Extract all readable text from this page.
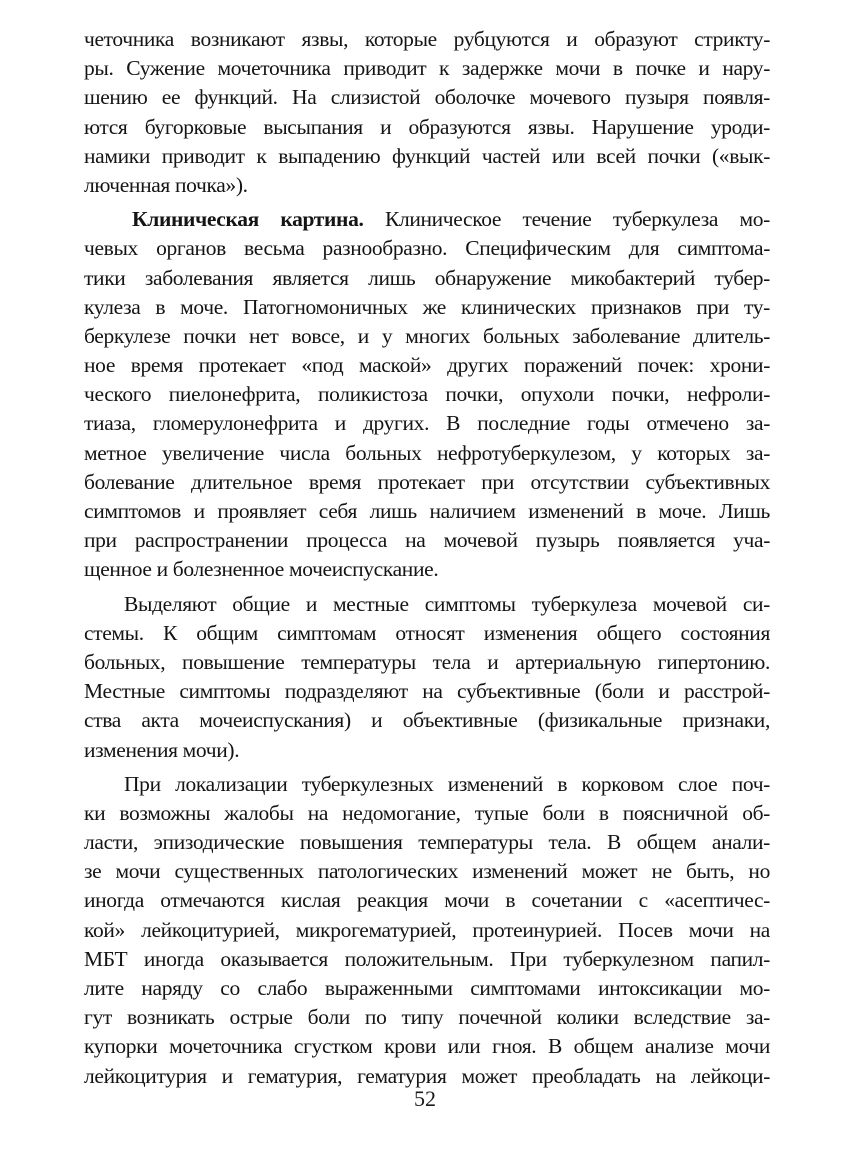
четочника возникают язвы, которые рубцуются и образуют стрикту-
ры. Сужение мочеточника приводит к задержке мочи в почке и нару-
шению ее функций. На слизистой оболочке мочевого пузыря появля-
ются бугорковые высыпания и образуются язвы. Нарушение уроди-
намики приводит к выпадению функций частей или всей почки («вык-
люченная почка»).
Клиническая картина. Клиническое течение туберкулеза мо-
чевых органов весьма разнообразно. Специфическим для симптома-
тики заболевания является лишь обнаружение микобактерий тубер-
кулеза в моче. Патогномоничных же клинических признаков при ту-
беркулезе почки нет вовсе, и у многих больных заболевание длитель-
ное время протекает «под маской» других поражений почек: хрони-
ческого пиелонефрита, поликистоза почки, опухоли почки, нефроли-
тиаза, гломерулонефрита и других. В последние годы отмечено за-
метное увеличение числа больных нефротуберкулезом, у которых за-
болевание длительное время протекает при отсутствии субъективных
симптомов и проявляет себя лишь наличием изменений в моче. Лишь
при распространении процесса на мочевой пузырь появляется уча-
щенное и болезненное мочеиспускание.
Выделяют общие и местные симптомы туберкулеза мочевой си-
стемы. К общим симптомам относят изменения общего состояния
больных, повышение температуры тела и артериальную гипертонию.
Местные симптомы подразделяют на субъективные (боли и расстрой-
ства акта мочеиспускания) и объективные (физикальные признаки,
изменения мочи).
При локализации туберкулезных изменений в корковом слое поч-
ки возможны жалобы на недомогание, тупые боли в поясничной об-
ласти, эпизодические повышения температуры тела. В общем анали-
зе мочи существенных патологических изменений может не быть, но
иногда отмечаются кислая реакция мочи в сочетании с «асептичес-
кой» лейкоцитурией, микрогематурией, протеинурией. Посев мочи на
МБТ иногда оказывается положительным. При туберкулезном папил-
лите наряду со слабо выраженными симптомами интоксикации мо-
гут возникать острые боли по типу почечной колики вследствие за-
купорки мочеточника сгустком крови или гноя. В общем анализе мочи
лейкоцитурия и гематурия, гематурия может преобладать на лейкоци-
52
